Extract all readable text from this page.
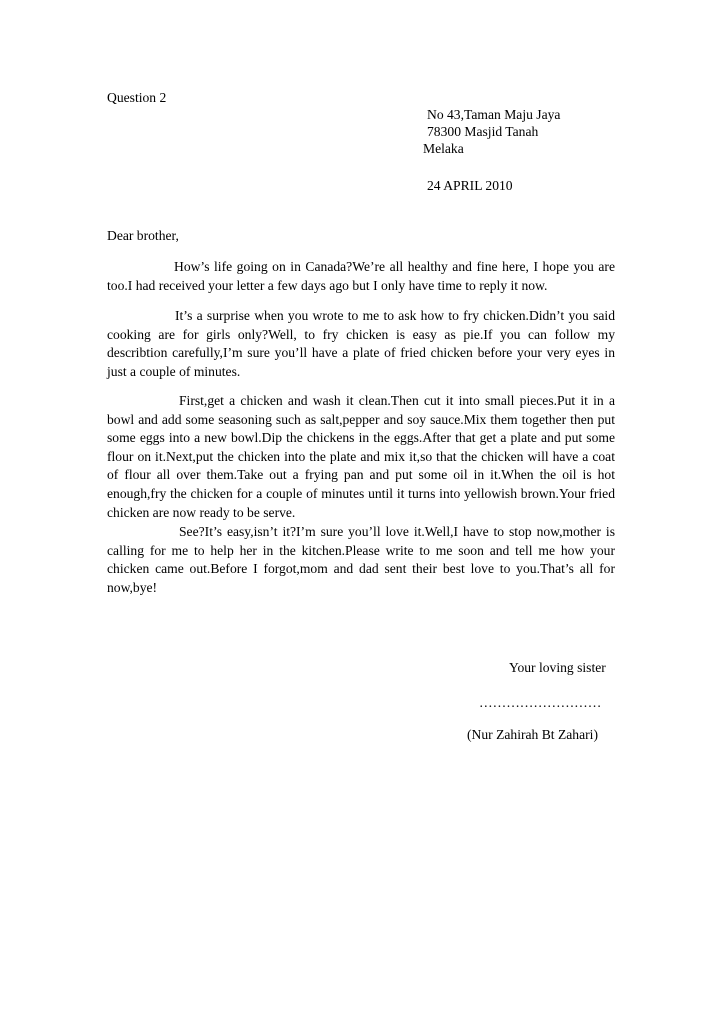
Question 2
No 43,Taman Maju Jaya
78300 Masjid Tanah
Melaka
24 APRIL 2010
Dear brother,
How’s life going on in Canada?We’re all healthy and fine here, I hope you are too.I had received your letter a few days ago but I only have time to reply it now.
It’s a surprise when you wrote to me to ask how to fry chicken.Didn’t you said cooking are for girls only?Well, to fry chicken is easy as pie.If you can follow my describtion carefully,I’m sure you’ll have a plate of fried chicken before your very eyes in just a couple of minutes.
First,get a chicken and wash it clean.Then cut it into small pieces.Put it in a bowl and add some seasoning such as salt,pepper and soy sauce.Mix them together then put some eggs into a new bowl.Dip the chickens in the eggs.After that get a plate and put some flour on it.Next,put the chicken into the plate and mix it,so that the chicken will have a coat of flour all over them.Take out a frying pan and put some oil in it.When the oil is hot enough,fry the chicken for a couple of minutes until it turns into yellowish brown.Your fried chicken are now ready to be serve.
See?It’s easy,isn’t it?I’m sure you’ll love it.Well,I have to stop now,mother is calling for me to help her in the kitchen.Please write to me soon and tell me how your chicken came out.Before I forgot,mom and dad sent their best love to you.That’s all for now,bye!
Your loving sister
………………………
(Nur Zahirah Bt Zahari)
